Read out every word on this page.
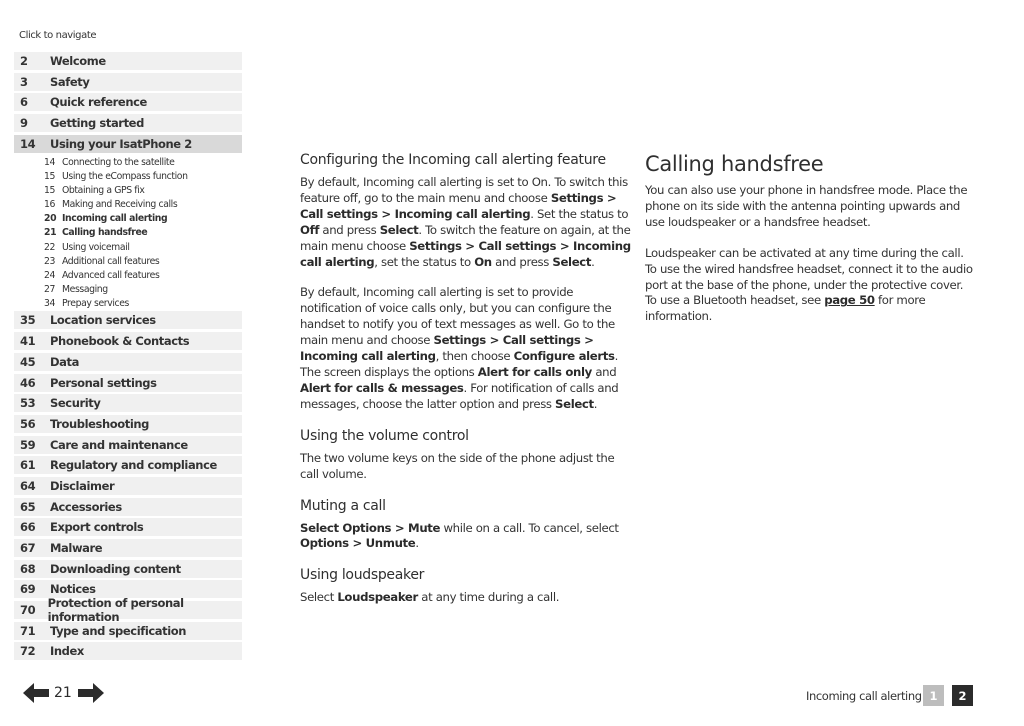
Click to navigate
2	Welcome
3	Safety
6	Quick reference
9	Getting started
14	Using your IsatPhone 2
14 Connecting to the satellite
15 Using the eCompass function
15 Obtaining a GPS fix
16 Making and Receiving calls
20 Incoming call alerting
21 Calling handsfree
22 Using voicemail
23 Additional call features
24 Advanced call features
27 Messaging
34 Prepay services
35	Location services
41	Phonebook & Contacts
45	Data
46	Personal settings
53	Security
56	Troubleshooting
59	Care and maintenance
61	Regulatory and compliance
64	Disclaimer
65	Accessories
66	Export controls
67	Malware
68	Downloading content
69	Notices
70	Protection of personal information
71	Type and specification
72	Index
Configuring the Incoming call alerting feature

By default, Incoming call alerting is set to On. To switch this feature off, go to the main menu and choose Settings > Call settings > Incoming call alerting. Set the status to Off and press Select. To switch the feature on again, at the main menu choose Settings > Call settings > Incoming call alerting, set the status to On and press Select.

By default, Incoming call alerting is set to provide notification of voice calls only, but you can configure the handset to notify you of text messages as well. Go to the main menu and choose Settings > Call settings > Incoming call alerting, then choose Configure alerts. The screen displays the options Alert for calls only and Alert for calls & messages. For notification of calls and messages, choose the latter option and press Select.

Using the volume control

The two volume keys on the side of the phone adjust the call volume.

Muting a call

Select Options > Mute while on a call. To cancel, select Options > Unmute.

Using loudspeaker

Select Loudspeaker at any time during a call.

Calling handsfree

You can also use your phone in handsfree mode. Place the phone on its side with the antenna pointing upwards and use loudspeaker or a handsfree headset.

Loudspeaker can be activated at any time during the call. To use the wired handsfree headset, connect it to the audio port at the base of the phone, under the protective cover. To use a Bluetooth headset, see page 50 for more information.

21	Incoming call alerting 1	2
